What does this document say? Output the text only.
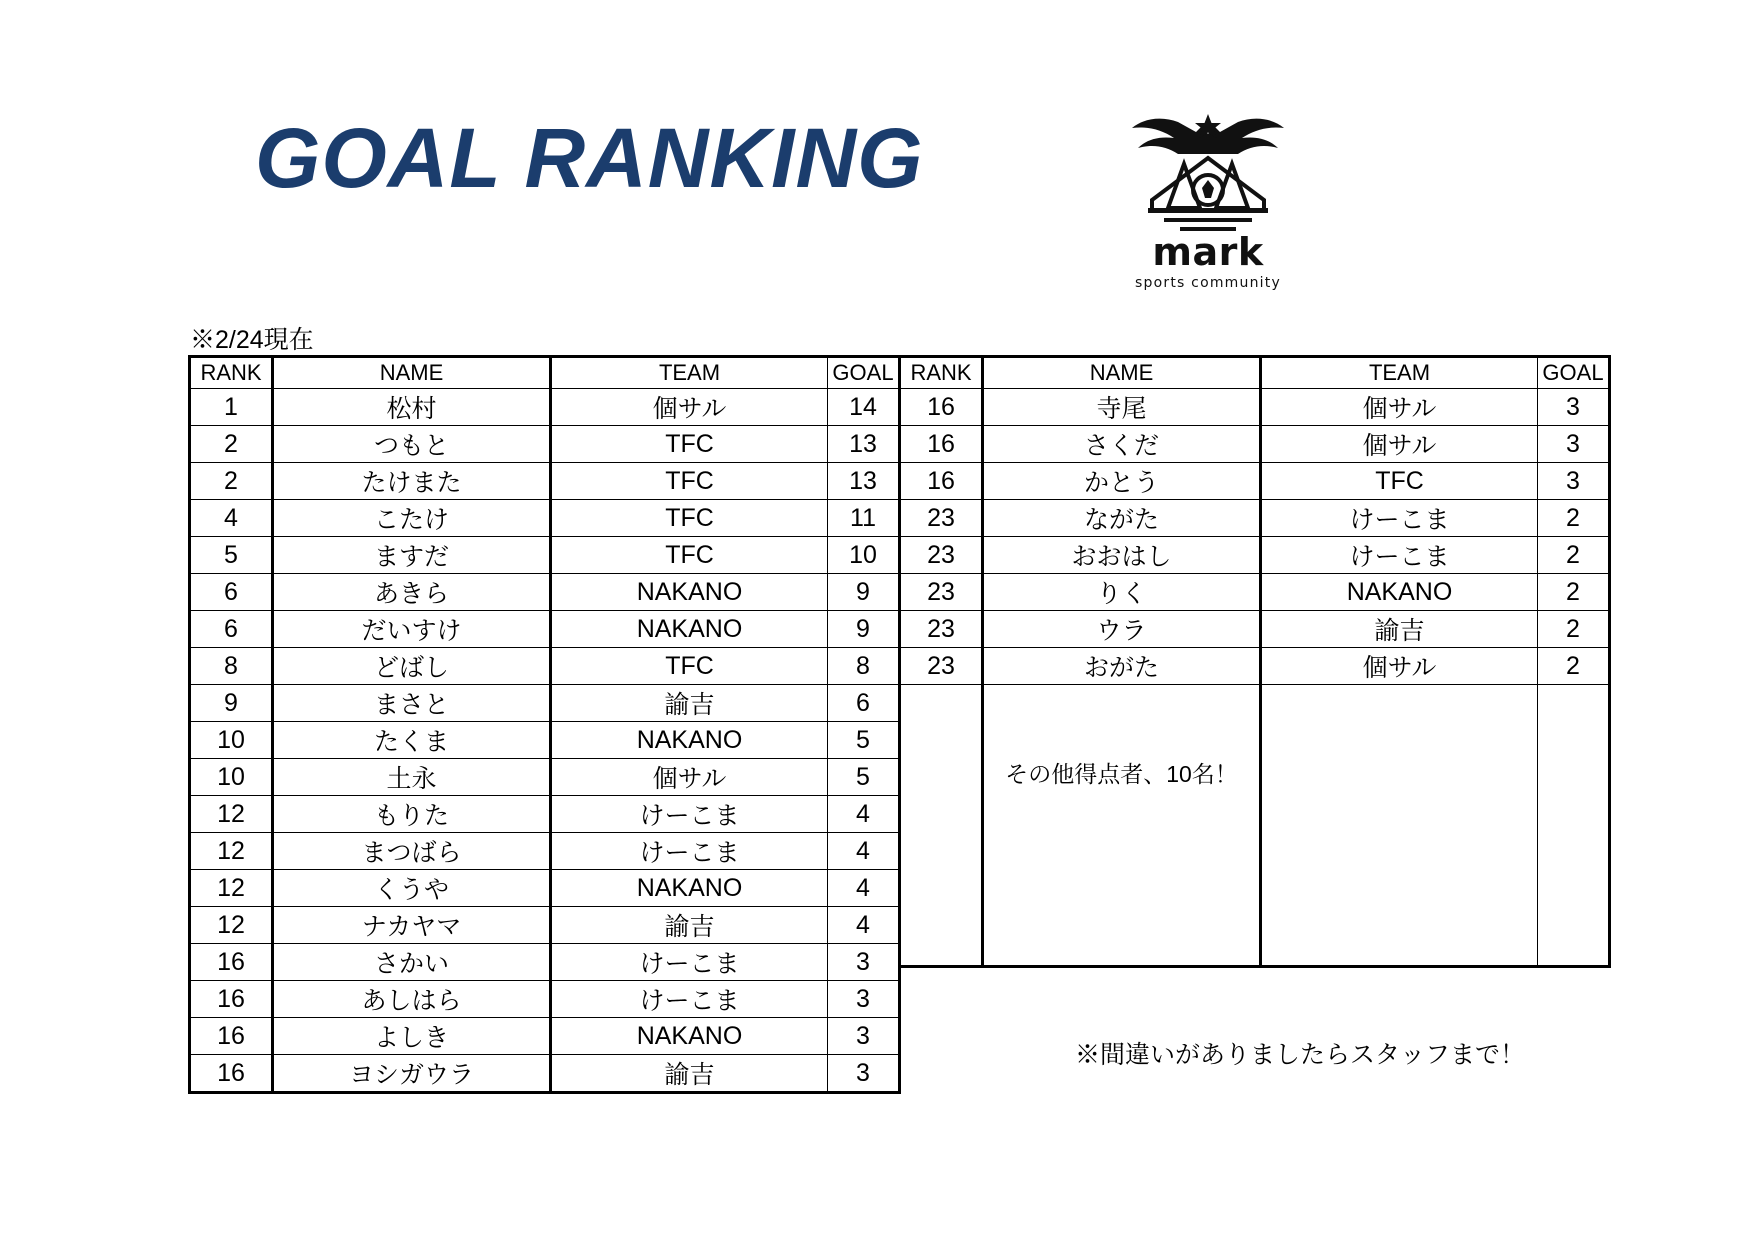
GOAL RANKING
mark
sports community
※2/24現在
RANK	NAME	TEAM	GOAL
1	松村	個サル	14
2	つもと	TFC	13
2	たけまた	TFC	13
4	こたけ	TFC	11
5	ますだ	TFC	10
6	あきら	NAKANO	9
6	だいすけ	NAKANO	9
8	どばし	TFC	8
9	まさと	諭吉	6
10	たくま	NAKANO	5
10	土永	個サル	5
12	もりた	けーこま	4
12	まつばら	けーこま	4
12	くうや	NAKANO	4
12	ナカヤマ	諭吉	4
16	さかい	けーこま	3
16	あしはら	けーこま	3
16	よしき	NAKANO	3
16	ヨシガウラ	諭吉	3
RANK	NAME	TEAM	GOAL
16	寺尾	個サル	3
16	さくだ	個サル	3
16	かとう	TFC	3
23	ながた	けーこま	2
23	おおはし	けーこま	2
23	りく	NAKANO	2
23	ウラ	諭吉	2
23	おがた	個サル	2

	その他得点者、10名！		

※間違いがありましたらスタッフまで！
